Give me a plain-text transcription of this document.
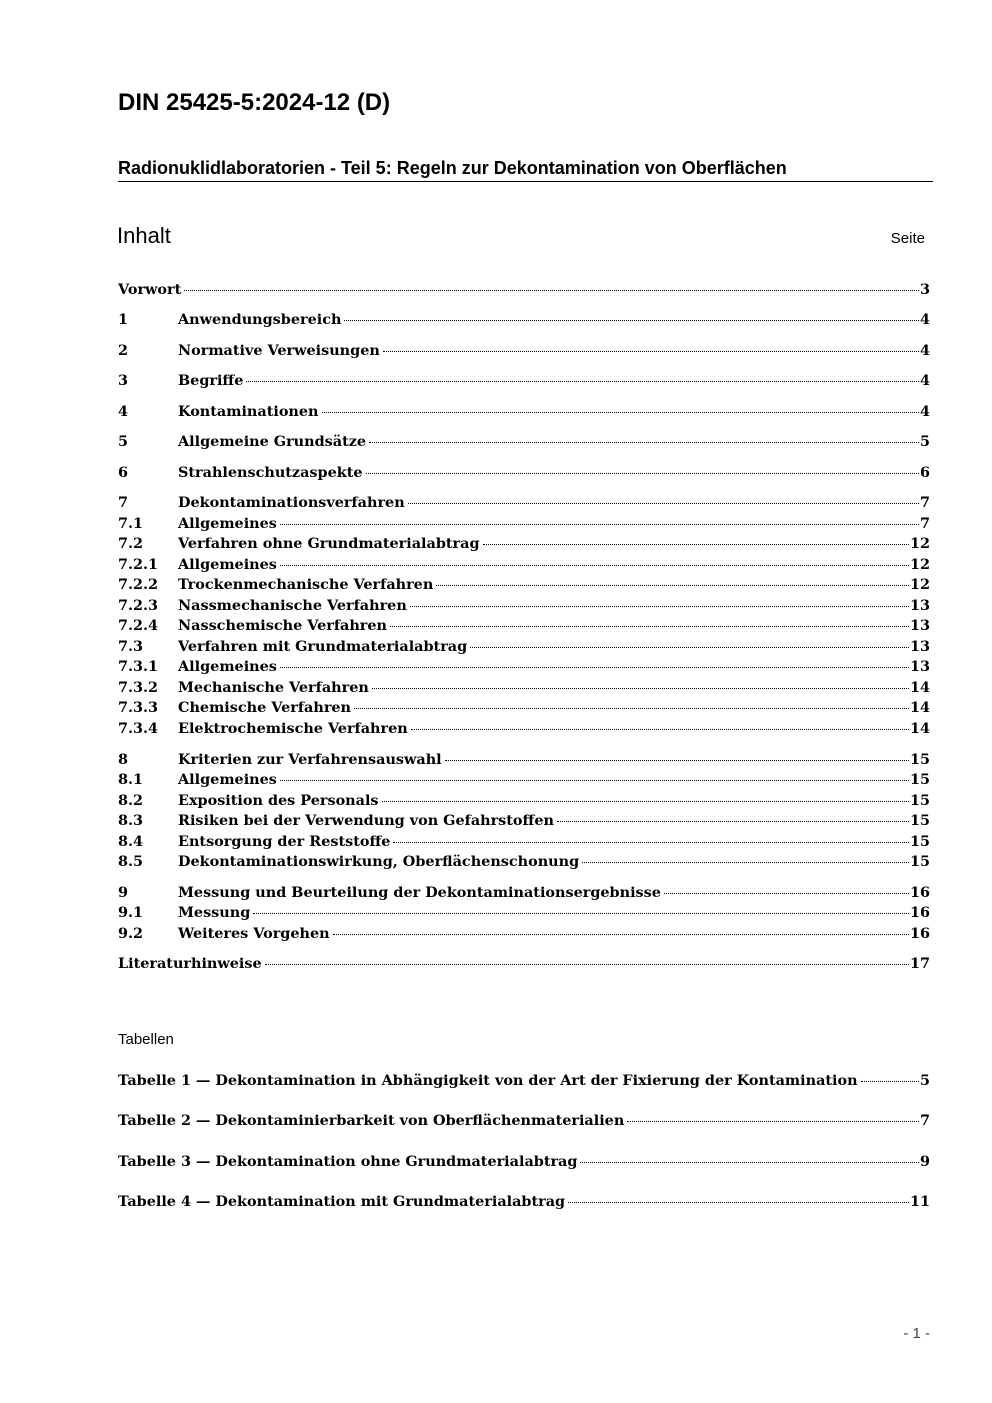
DIN 25425-5:2024-12 (D)
Radionuklidlaboratorien - Teil 5: Regeln zur Dekontamination von Oberflächen
Inhalt	Seite
Vorwort	3
1	Anwendungsbereich	4
2	Normative Verweisungen	4
3	Begriffe	4
4	Kontaminationen	4
5	Allgemeine Grundsätze	5
6	Strahlenschutzaspekte	6
7	Dekontaminationsverfahren	7
7.1	Allgemeines	7
7.2	Verfahren ohne Grundmaterialabtrag	12
7.2.1	Allgemeines	12
7.2.2	Trockenmechanische Verfahren	12
7.2.3	Nassmechanische Verfahren	13
7.2.4	Nasschemische Verfahren	13
7.3	Verfahren mit Grundmaterialabtrag	13
7.3.1	Allgemeines	13
7.3.2	Mechanische Verfahren	14
7.3.3	Chemische Verfahren	14
7.3.4	Elektrochemische Verfahren	14
8	Kriterien zur Verfahrensauswahl	15
8.1	Allgemeines	15
8.2	Exposition des Personals	15
8.3	Risiken bei der Verwendung von Gefahrstoffen	15
8.4	Entsorgung der Reststoffe	15
8.5	Dekontaminationswirkung, Oberflächenschonung	15
9	Messung und Beurteilung der Dekontaminationsergebnisse	16
9.1	Messung	16
9.2	Weiteres Vorgehen	16
Literaturhinweise	17
Tabellen
Tabelle 1 — Dekontamination in Abhängigkeit von der Art der Fixierung der Kontamination	5
Tabelle 2 — Dekontaminierbarkeit von Oberflächenmaterialien	7
Tabelle 3 — Dekontamination ohne Grundmaterialabtrag	9
Tabelle 4 — Dekontamination mit Grundmaterialabtrag	11
- 1 -
